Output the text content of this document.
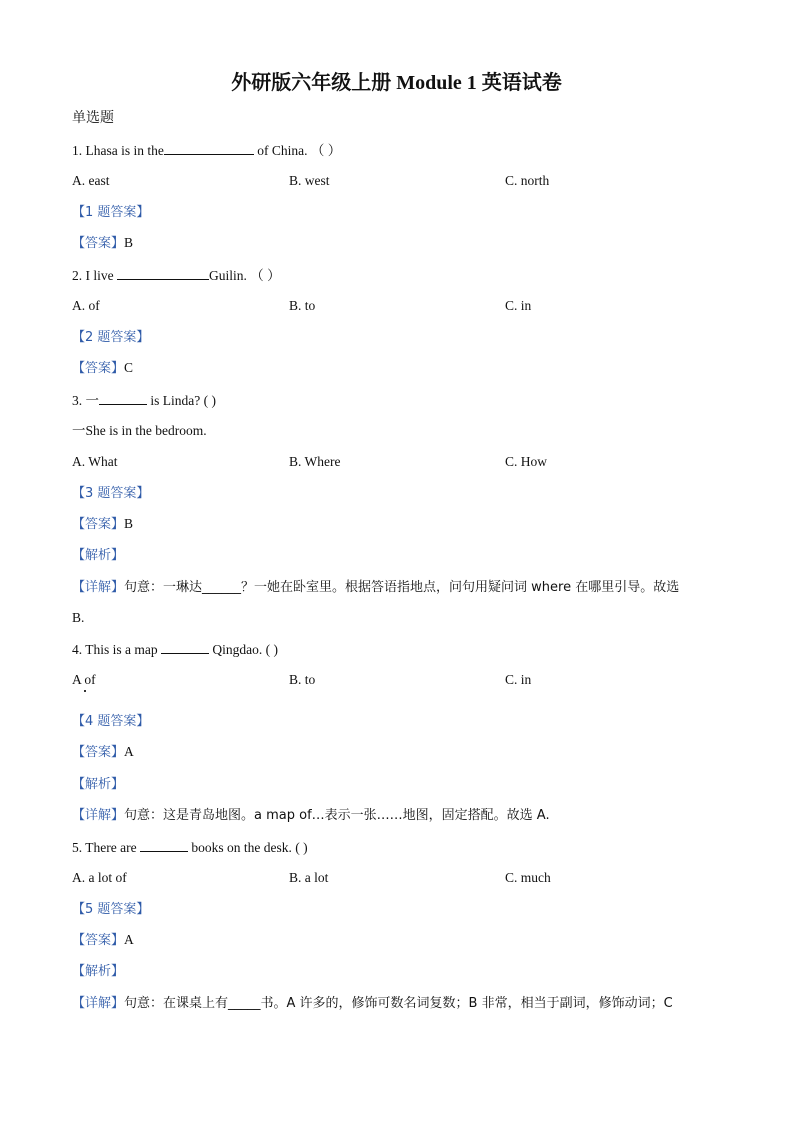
外研版六年级上册 Module 1 英语试卷
单选题
1. Lhasa is in the	of China. （ ）
A. east	B. west	C. north
【1 题答案】
【答案】B
2. I live	Guilin. （ ）
A. of	B. to	C. in
【2 题答案】
【答案】C
3. 一	is Linda? ( )
一She is in the bedroom.
A. What	B. Where	C. How
【3 题答案】
【答案】B
【解析】
【详解】句意：一琳达______？一她在卧室里。根据答语指地点，问句用疑问词 where 在哪里引导。故选
B.
4. This is a map	Qingdao. ( )
A of	B. to	C. in
【4 题答案】
【答案】A
【解析】
【详解】句意：这是青岛地图。a map of…表示一张……地图，固定搭配。故选 A.
5. There are	books on the desk. ( )
A. a lot of	B. a lot	C. much
【5 题答案】
【答案】A
【解析】
【详解】句意：在课桌上有_____书。A 许多的，修饰可数名词复数；B 非常，相当于副词，修饰动词；C
